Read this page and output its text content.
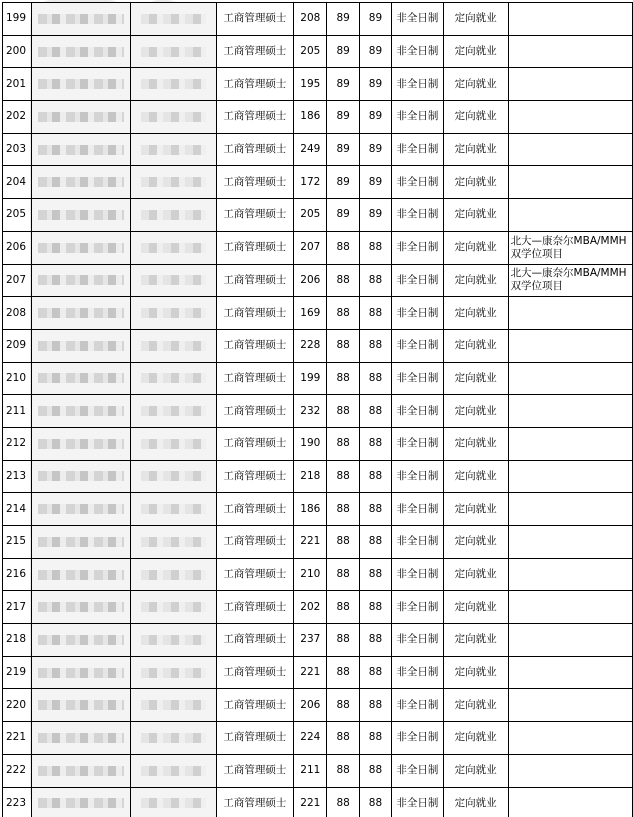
199			工商管理硕士	208	89	89	非全日制	定向就业	
200			工商管理硕士	205	89	89	非全日制	定向就业	
201			工商管理硕士	195	89	89	非全日制	定向就业	
202			工商管理硕士	186	89	89	非全日制	定向就业	
203			工商管理硕士	249	89	89	非全日制	定向就业	
204			工商管理硕士	172	89	89	非全日制	定向就业	
205			工商管理硕士	205	89	89	非全日制	定向就业	
206			工商管理硕士	207	88	88	非全日制	定向就业	北大—康奈尔MBA/MMH双学位项目
207			工商管理硕士	206	88	88	非全日制	定向就业	北大—康奈尔MBA/MMH双学位项目
208			工商管理硕士	169	88	88	非全日制	定向就业	
209			工商管理硕士	228	88	88	非全日制	定向就业	
210			工商管理硕士	199	88	88	非全日制	定向就业	
211			工商管理硕士	232	88	88	非全日制	定向就业	
212			工商管理硕士	190	88	88	非全日制	定向就业	
213			工商管理硕士	218	88	88	非全日制	定向就业	
214			工商管理硕士	186	88	88	非全日制	定向就业	
215			工商管理硕士	221	88	88	非全日制	定向就业	
216			工商管理硕士	210	88	88	非全日制	定向就业	
217			工商管理硕士	202	88	88	非全日制	定向就业	
218			工商管理硕士	237	88	88	非全日制	定向就业	
219			工商管理硕士	221	88	88	非全日制	定向就业	
220			工商管理硕士	206	88	88	非全日制	定向就业	
221			工商管理硕士	224	88	88	非全日制	定向就业	
222			工商管理硕士	211	88	88	非全日制	定向就业	
223			工商管理硕士	221	88	88	非全日制	定向就业	
